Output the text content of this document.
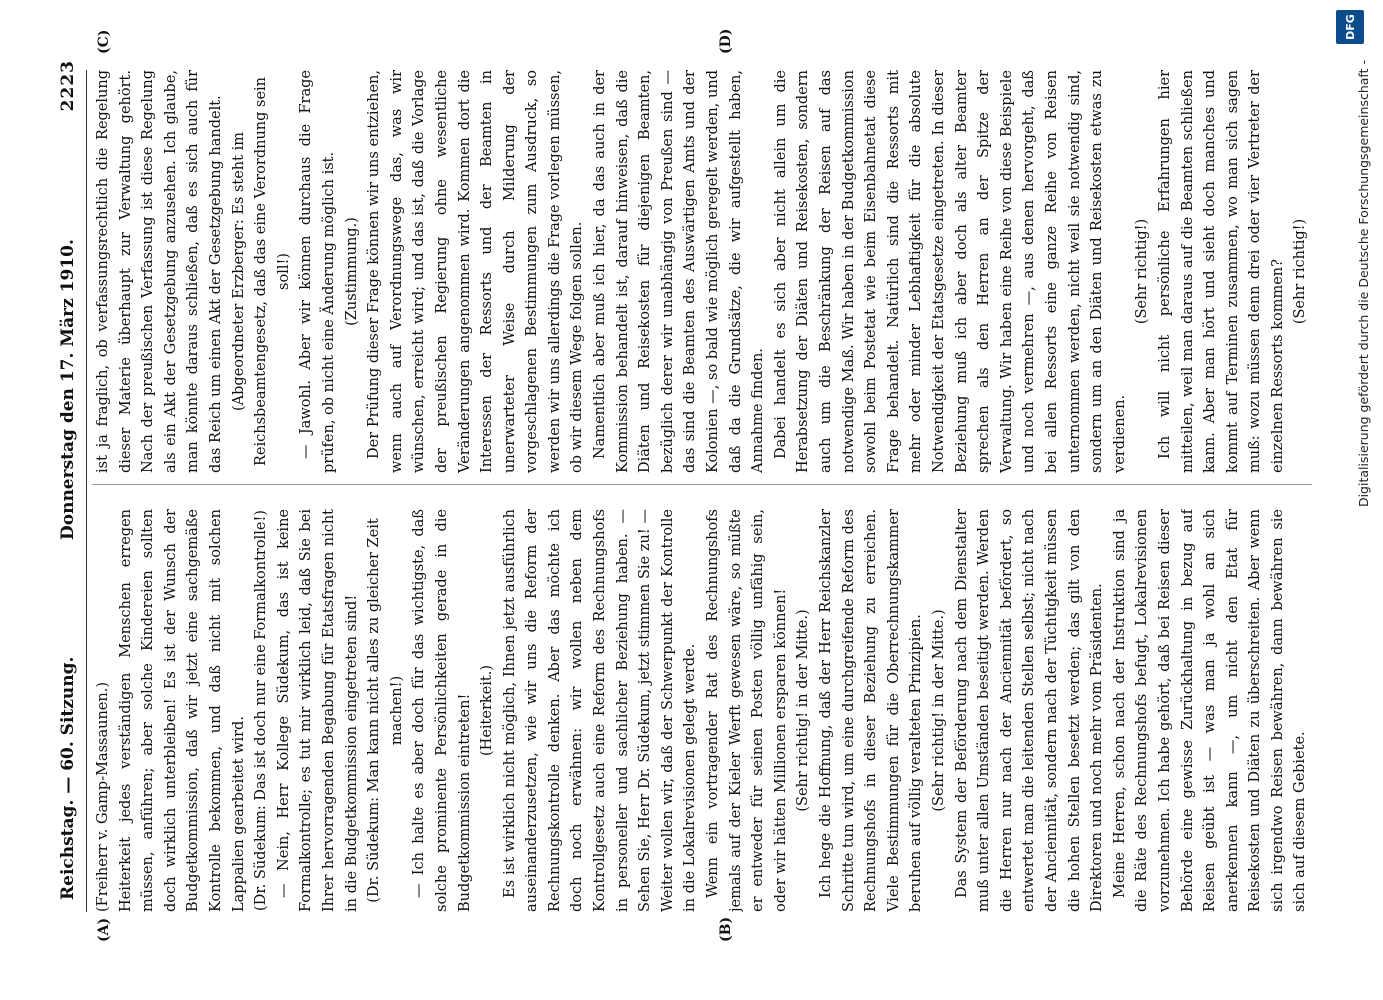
Reichstag. — 60. Sitzung.
Donnerstag den 17. März 1910.
2223
(A)	(B)
(C)	(D)

(Freiherr v. Gamp-Massaunen.) Heiterkeit jedes verständigen Menschen erregen müssen, anführen; aber solche Kindereien sollten doch wirklich unterbleiben! Es ist der Wunsch der Budgetkommission, daß wir jetzt eine sachgemäße Kontrolle bekommen, und daß nicht mit solchen Lappalien gearbeitet wird. (Dr. Südekum: Das ist doch nur eine Formalkontrolle!) — Nein, Herr Kollege Südekum, das ist keine Formalkontrolle; es tut mir wirklich leid, daß Sie bei Ihrer hervorragenden Begabung für Etatsfragen nicht in die Budgetkommission eingetreten sind! (Dr. Südekum: Man kann nicht alles zu gleicher Zeit machen!) — Ich halte es aber doch für das wichtigste, daß solche prominente Persönlichkeiten gerade in die Budgetkommission eintreten! (Heiterkeit.) Es ist wirklich nicht möglich, Ihnen jetzt ausführlich auseinanderzusetzen, wie wir uns die Reform der Rechnungskontrolle denken. Aber das möchte ich doch noch erwähnen: wir wollen neben dem Kontrollgesetz auch eine Reform des Rechnungshofs in personeller und sachlicher Beziehung haben. — Sehen Sie, Herr Dr. Südekum, jetzt stimmen Sie zu! — Weiter wollen wir, daß der Schwerpunkt der Kontrolle in die Lokalrevisionen gelegt werde. Wenn ein vortragender Rat des Rechnungshofs jemals auf der Kieler Werft gewesen wäre, so müßte er entweder für seinen Posten völlig unfähig sein, oder wir hätten Millionen ersparen können! (Sehr richtig! in der Mitte.) Ich hege die Hoffnung, daß der Herr Reichskanzler Schritte tun wird, um eine durchgreifende Reform des Rechnungshofs in dieser Beziehung zu erreichen. Viele Bestimmungen für die Oberrechnungskammer beruhen auf völlig veralteten Prinzipien. (Sehr richtig! in der Mitte.) Das System der Beförderung nach dem Dienstalter muß unter allen Umständen beseitigt werden. Werden die Herren nur nach der Anciennität befördert, so entwertet man die leitenden Stellen selbst; nicht nach der Anciennität, sondern nach der Tüchtigkeit müssen die hohen Stellen besetzt werden; das gilt von den Direktoren und noch mehr vom Präsidenten. Meine Herren, schon nach der Instruktion sind ja die Räte des Rechnungshofs befugt, Lokalrevisionen vorzunehmen. Ich habe gehört, daß bei Reisen dieser Behörde eine gewisse Zurückhaltung in bezug auf Reisen geübt ist — was man ja wohl an sich anerkennen kann —, um nicht den Etat für Reisekosten und Diäten zu überschreiten. Aber wenn sich irgendwo Reisen bewähren, dann bewähren sie sich auf diesem Gebiete.

ist ja fraglich, ob verfassungsrechtlich die Regelung dieser Materie überhaupt zur Verwaltung gehört. Nach der preußischen Verfassung ist diese Regelung als ein Akt der Gesetzgebung anzusehen. Ich glaube, man könnte daraus schließen, daß es sich auch für das Reich um einen Akt der Gesetzgebung handelt. (Abgeordneter Erzberger: Es steht im Reichsbeamtengesetz, daß das eine Verordnung sein soll!) — Jawohl. Aber wir können durchaus die Frage prüfen, ob nicht eine Änderung möglich ist. (Zustimmung.) Der Prüfung dieser Frage können wir uns entziehen, wenn auch auf Verordnungswege das, was wir wünschen, erreicht wird; und das ist, daß die Vorlage der preußischen Regierung ohne wesentliche Veränderungen angenommen wird. Kommen dort die Interessen der Ressorts und der Beamten in unerwarteter Weise durch Milderung der vorgeschlagenen Bestimmungen zum Ausdruck, so werden wir uns allerdings die Frage vorlegen müssen, ob wir diesem Wege folgen sollen. Namentlich aber muß ich hier, da das auch in der Kommission behandelt ist, darauf hinweisen, daß die Diäten und Reisekosten für diejenigen Beamten, bezüglich derer wir unabhängig von Preußen sind — das sind die Beamten des Auswärtigen Amts und der Kolonien —, so bald wie möglich geregelt werden, und daß da die Grundsätze, die wir aufgestellt haben, Annahme finden. Dabei handelt es sich aber nicht allein um die Herabsetzung der Diäten und Reisekosten, sondern auch um die Beschränkung der Reisen auf das notwendige Maß. Wir haben in der Budgetkommission sowohl beim Postetat wie beim Eisenbahnetat diese Frage behandelt. Natürlich sind die Ressorts mit mehr oder minder Lebhaftigkeit für die absolute Notwendigkeit der Etatsgesetze eingetreten. In dieser Beziehung muß ich aber doch als alter Beamter sprechen als den Herren an der Spitze der Verwaltung. Wir haben eine Reihe von diese Beispiele und noch vermehren —, aus denen hervorgeht, daß bei allen Ressorts eine ganze Reihe von Reisen unternommen werden, nicht weil sie notwendig sind, sondern um an den Diäten und Reisekosten etwas zu verdienen.

(Sehr richtig!) Ich will nicht persönliche Erfahrungen hier mitteilen, weil man daraus auf die Beamten schließen kann. Aber man hört und sieht doch manches und kommt auf Terminen zusammen, wo man sich sagen muß: wozu müssen denn drei oder vier Vertreter der einzelnen Ressorts kommen? (Sehr richtig!)	Digitalisierung gefördert durch die Deutsche Forschungsgemeinschaft -
DFG
